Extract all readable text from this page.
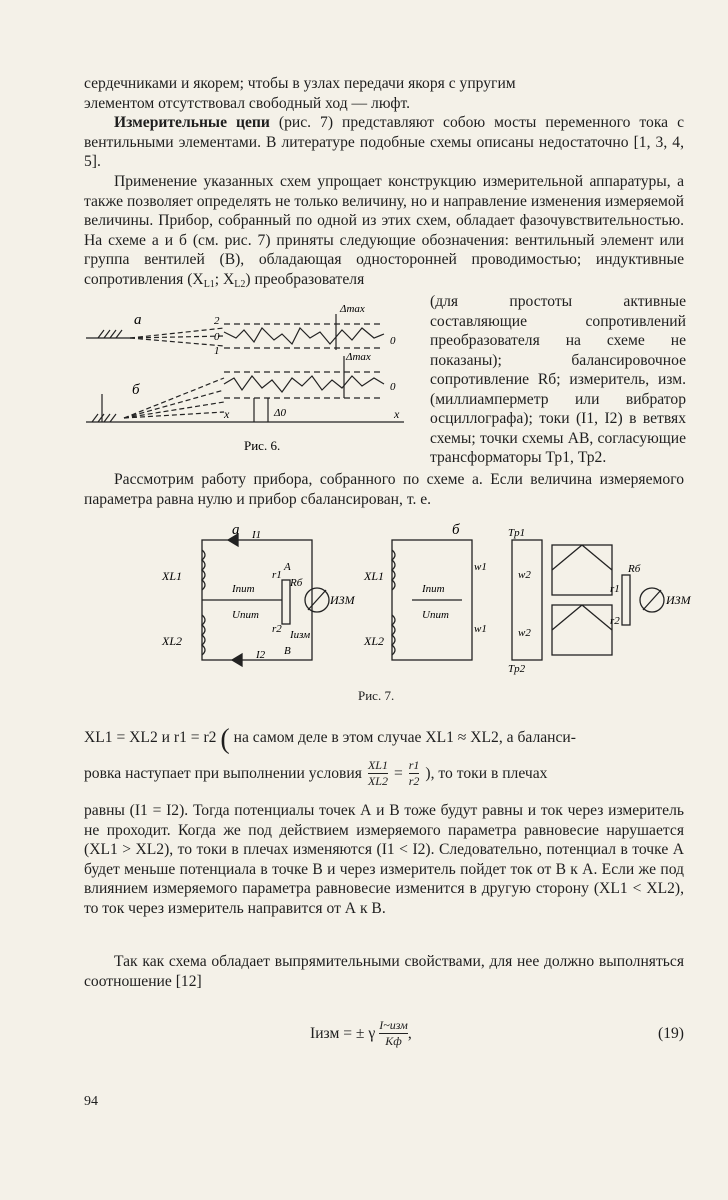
сердечниками и якорем; чтобы в узлах передачи якоря с упругим

элементом отсутствовал свободный ход — люфт.

Измерительные цепи (рис. 7) представляют собою мосты переменного тока с вентильными элементами. В литературе подобные схемы описаны недостаточно [1, 3, 4, 5].

Применение указанных схем упрощает конструкцию измерительной аппаратуры, а также позволяет определять не только величину, но и направление изменения измеряемой величины. Прибор, собранный по одной из этих схем, обладает фазочувствительностью. На схеме а и б (см. рис. 7) приняты следующие обозначения: вентильный элемент или группа вентилей (В), обладающая односторонней проводимостью; индуктивные сопротивления ($X_{L1}$; $X_{L2}$) преобразователя

а
б
2
0
1
Δmax
Δmax
Δ0
0
0
x	x
Рис. 6.
(для простоты активные составляющие сопротивлений преобразователя на схеме не показаны); балансировочное сопротивление Rб; измеритель, изм. (миллиамперметр или вибратор осциллографа); токи (I1, I2) в ветвях схемы; точки схемы АВ, согласующие трансформаторы Тр1, Тр2.

Рассмотрим работу прибора, собранного по схеме а. Если величина измеряемого параметра равна нулю и прибор сбалансирован, т. е.

а	б
XL1
XL2
Iпит
Uпит
r1
r2
Rб
ИЗМ
I1
I2
Iизм
A
B
XL1
XL2
Iпит
Uпит
w1
w1
w2
w2
Tp1
Tp2
r1
r2
Rб
ИЗМ
Рис. 7.
XL1 = XL2 и r1 = r2 ( на самом деле в этом случае XL1 ≈ XL2, а баланси-
ровка наступает при выполнении условия $\frac{XL1}{XL2} = \frac{r1}{r2}$ ), то токи в плечах

равны (I1 = I2). Тогда потенциалы точек А и В тоже будут равны и ток через измеритель не проходит. Когда же под действием измеряемого параметра равновесие нарушается (XL1 > XL2), то токи в плечах изменяются (I1 < I2). Следовательно, потенциал в точке А будет меньше потенциала в точке В и через измеритель пойдет ток от В к А. Если же под влиянием измеряемого параметра равновесие изменится в другую сторону (XL1 < XL2), то ток через измеритель направится от А к В.

Так как схема обладает выпрямительными свойствами, для нее должно выполняться соотношение [12]

Iизм = ± γ I~изм
Kф ,	(19)
94
